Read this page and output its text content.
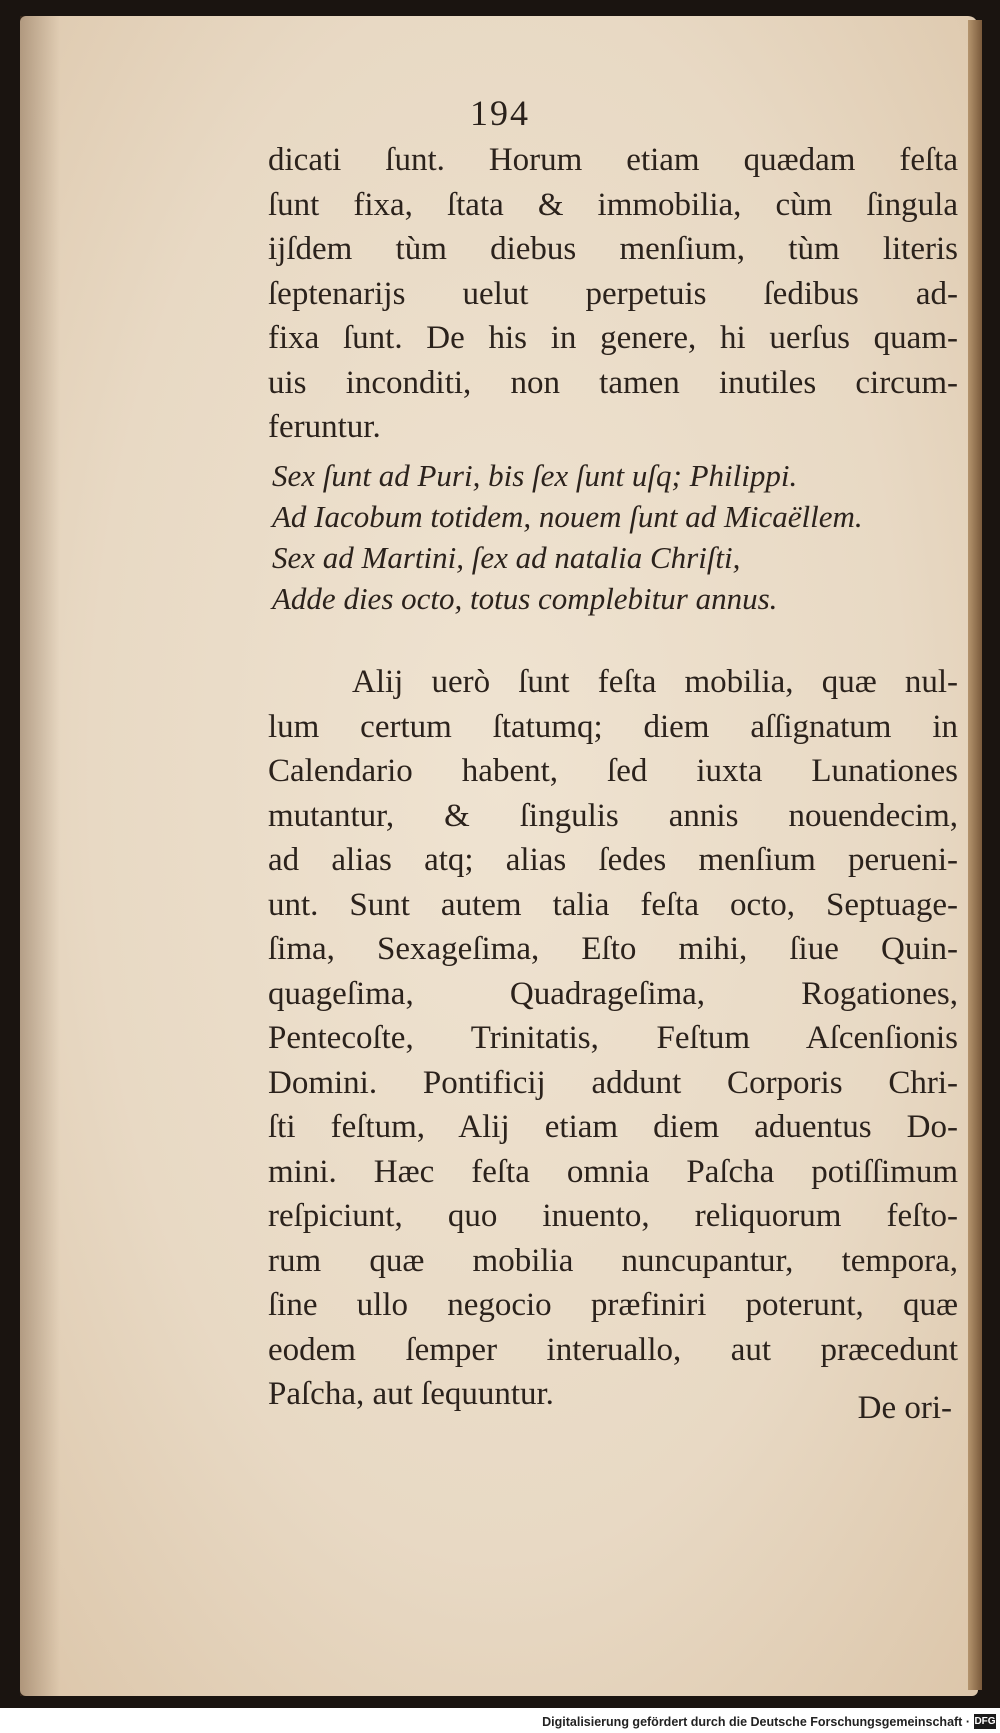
194
dicati ſunt. Horum etiam quædam feſta
ſunt fixa, ſtata & immobilia, cùm ſingula
ijſdem tùm diebus menſium, tùm literis
ſeptenarijs uelut perpetuis ſedibus ad-
fixa ſunt. De his in genere, hi uerſus quam-
uis inconditi, non tamen inutiles circum-
feruntur.
Sex ſunt ad Puri, bis ſex ſunt uſq; Philippi.
Ad Iacobum totidem, nouem ſunt ad Micaëllem.
Sex ad Martini, ſex ad natalia Chriſti,
Adde dies octo, totus complebitur annus.
Alij uerò ſunt feſta mobilia, quæ nul-
lum certum ſtatumq; diem aſſignatum in
Calendario habent, ſed iuxta Lunationes
mutantur, & ſingulis annis nouendecim,
ad alias atq; alias ſedes menſium perueni-
unt. Sunt autem talia feſta octo, Septuage-
ſima, Sexageſima, Eſto mihi, ſiue Quin-
quageſima, Quadrageſima, Rogationes,
Pentecoſte, Trinitatis, Feſtum Aſcenſionis
Domini. Pontificij addunt Corporis Chri-
ſti feſtum, Alij etiam diem aduentus Do-
mini. Hæc feſta omnia Paſcha potiſſimum
reſpiciunt, quo inuento, reliquorum feſto-
rum quæ mobilia nuncupantur, tempora,
ſine ullo negocio præfiniri poterunt, quæ
eodem ſemper interuallo, aut præcedunt
Paſcha, aut ſequuntur.	De ori-
Digitalisierung gefördert durch die Deutsche Forschungsgemeinschaft · DFG
